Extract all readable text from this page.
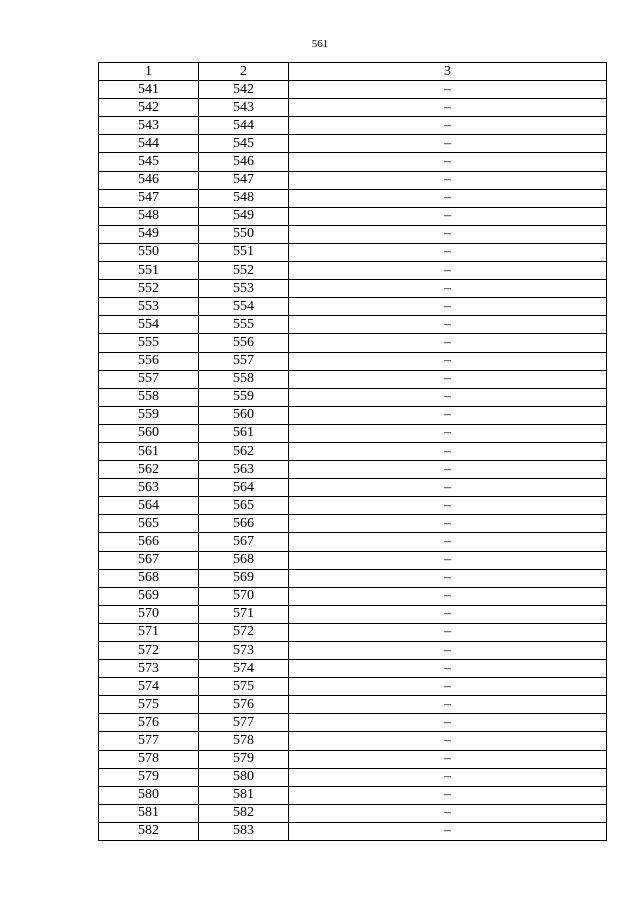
561
1	2	3
541	542	–
542	543	–
543	544	–
544	545	–
545	546	–
546	547	–
547	548	–
548	549	–
549	550	–
550	551	–
551	552	–
552	553	–
553	554	–
554	555	–
555	556	–
556	557	–
557	558	–
558	559	–
559	560	–
560	561	–
561	562	–
562	563	–
563	564	–
564	565	–
565	566	–
566	567	–
567	568	–
568	569	–
569	570	–
570	571	–
571	572	–
572	573	–
573	574	–
574	575	–
575	576	–
576	577	–
577	578	–
578	579	–
579	580	–
580	581	–
581	582	–
582	583	–
